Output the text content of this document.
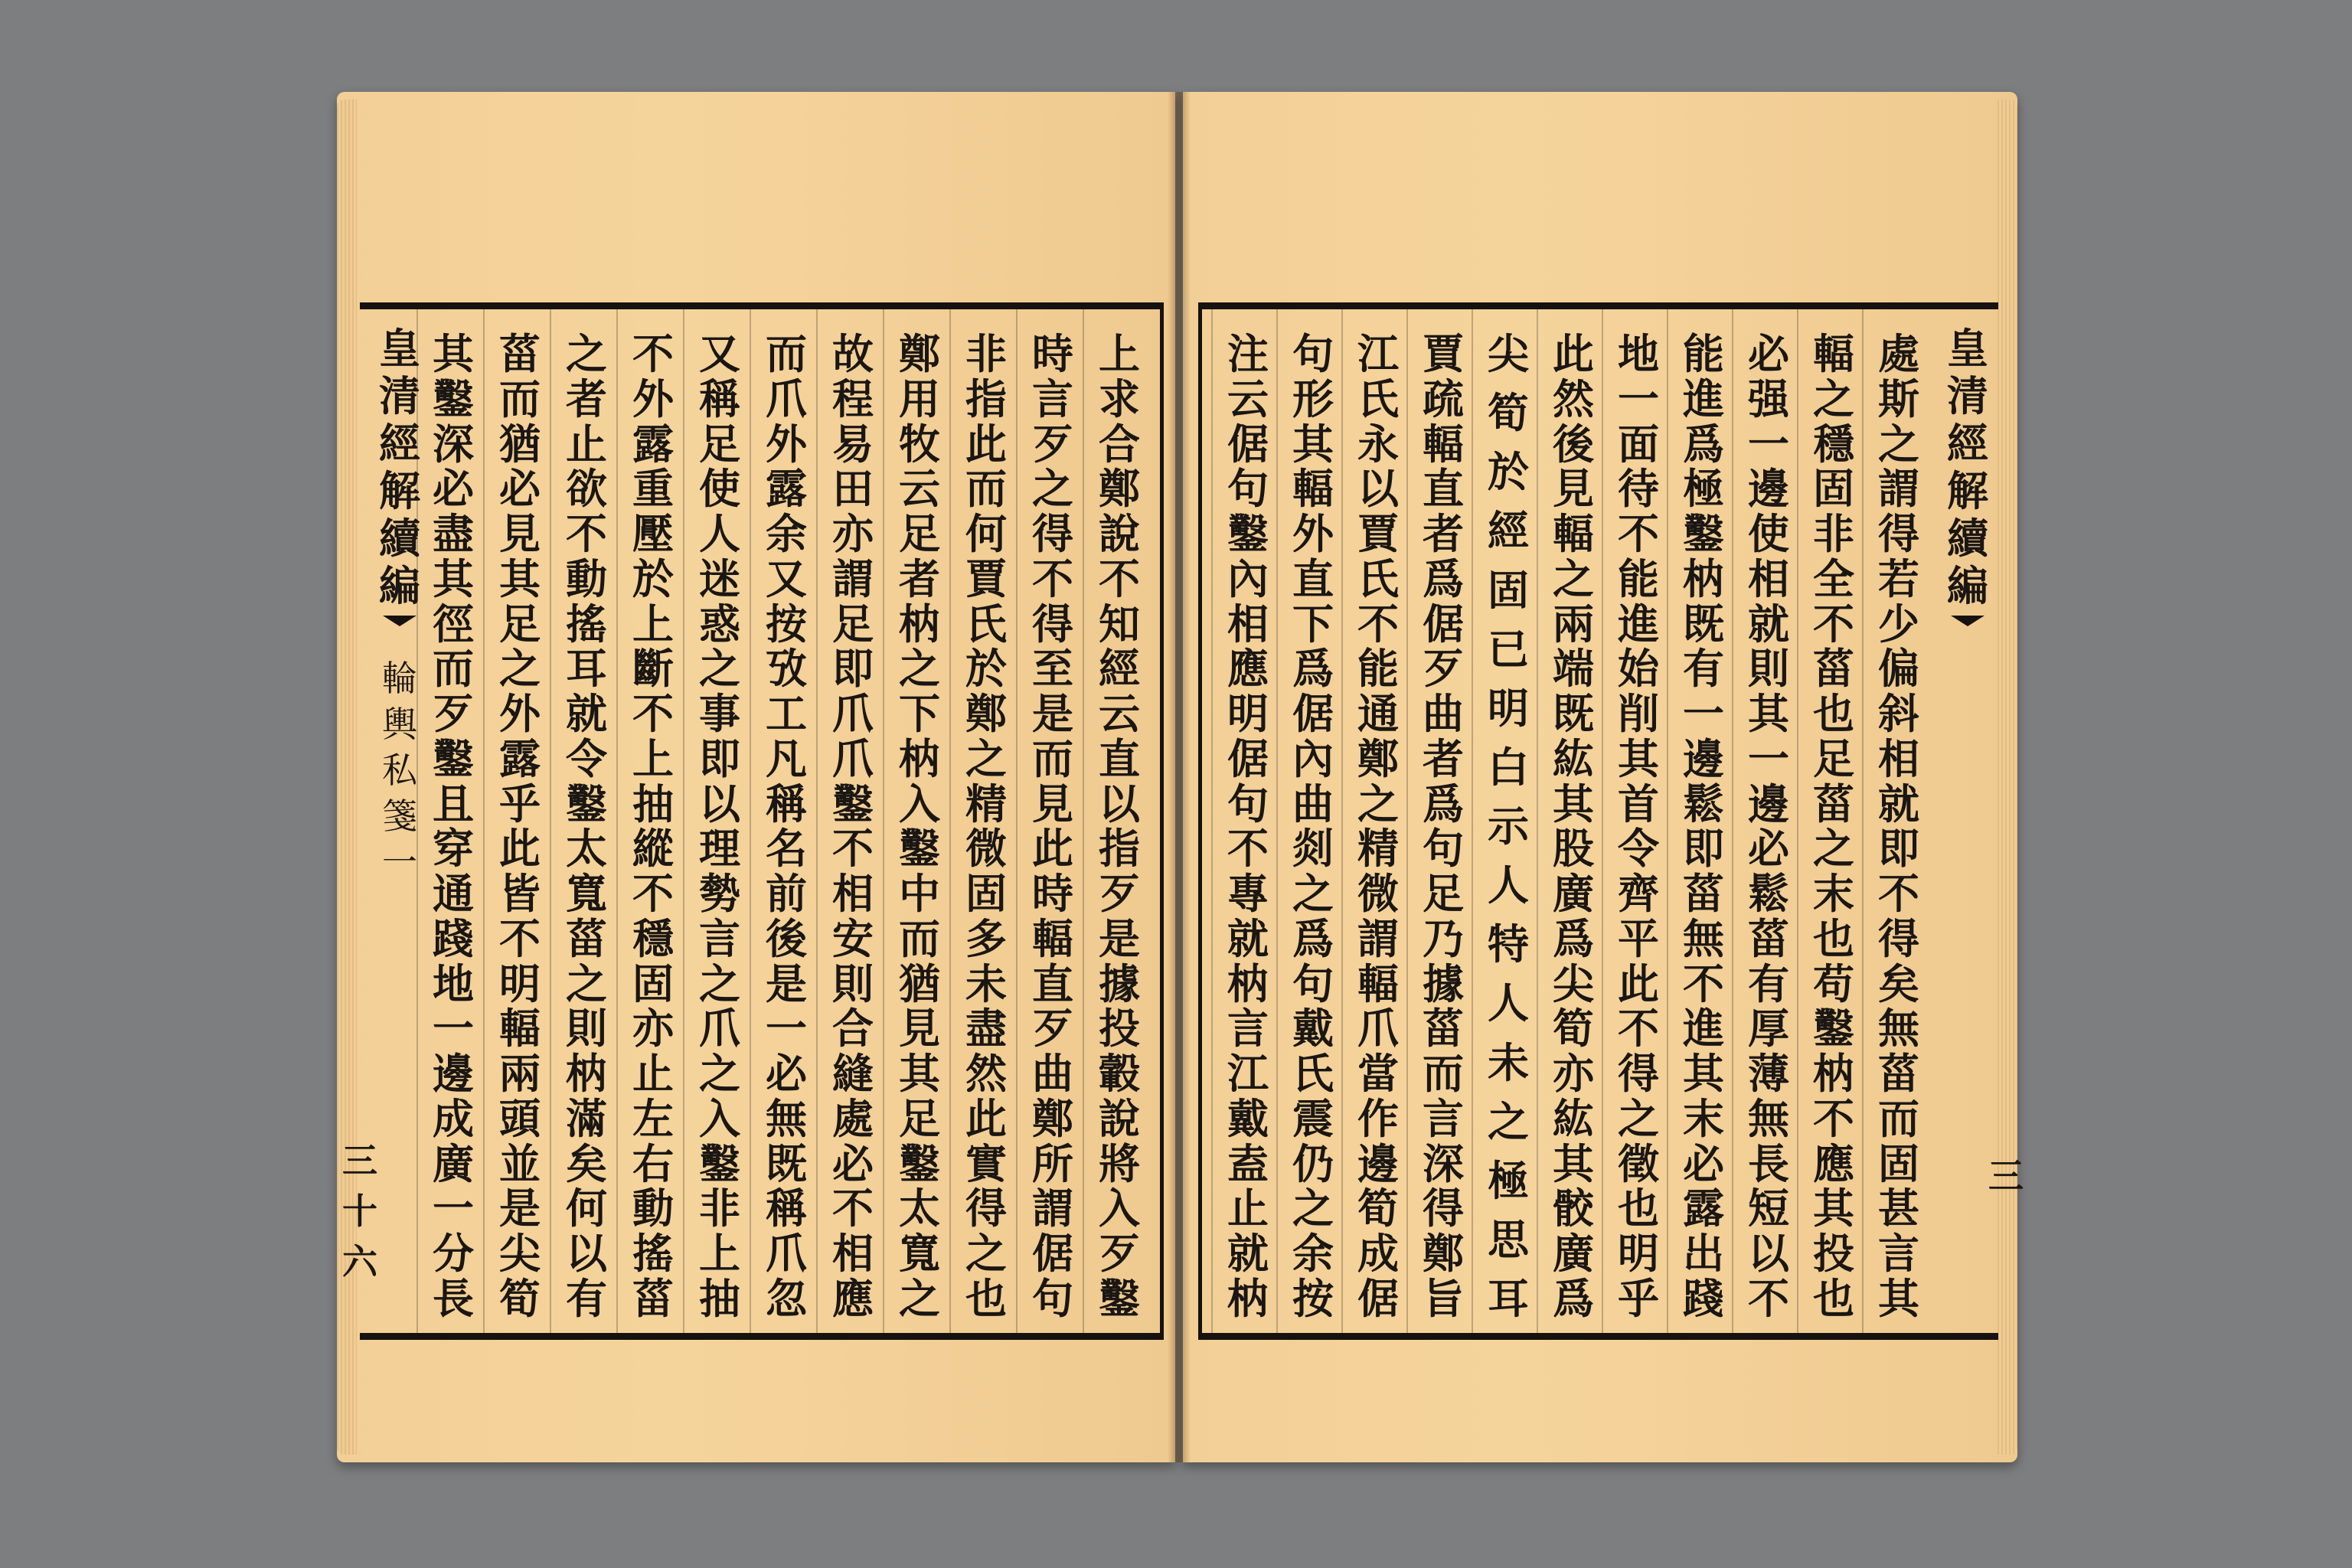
皇
清
經
解
續
編
輪
輿
私
箋
一
上
求
合
鄭
說
不
知
經
云
直
以
指
歹
是
據
投
轂
說
將
入
歹
鑿
時
言
歹
之
得
不
得
至
是
而
見
此
時
輻
直
歹
曲
鄭
所
謂
倨
句
非
指
此
而
何
賈
氏
於
鄭
之
精
微
固
多
未
盡
然
此
實
得
之
也
鄭
用
牧
云
足
者
枘
之
下
枘
入
鑿
中
而
猶
見
其
足
鑿
太
寬
之
故
程
易
田
亦
謂
足
即
爪
爪
鑿
不
相
安
則
合
縫
處
必
不
相
應
而
爪
外
露
余
又
按
攷
工
凡
稱
名
前
後
是
一
必
無
既
稱
爪
忽
又
稱
足
使
人
迷
惑
之
事
即
以
理
勢
言
之
爪
之
入
鑿
非
上
抽
不
外
露
重
壓
於
上
斷
不
上
抽
縱
不
穩
固
亦
止
左
右
動
搖
菑
之
者
止
欲
不
動
搖
耳
就
令
鑿
太
寬
菑
之
則
枘
滿
矣
何
以
有
菑
而
猶
必
見
其
足
之
外
露
乎
此
皆
不
明
輻
兩
頭
並
是
尖
筍
其
鑿
深
必
盡
其
徑
而
歹
鑿
且
穿
通
踐
地
一
邊
成
廣
一
分
長
皇
清
經
解
續
編
處
斯
之
謂
得
若
少
偏
斜
相
就
即
不
得
矣
無
菑
而
固
甚
言
其
輻
之
穩
固
非
全
不
菑
也
足
菑
之
末
也
苟
鑿
枘
不
應
其
投
也
必
强
一
邊
使
相
就
則
其
一
邊
必
鬆
菑
有
厚
薄
無
長
短
以
不
能
進
爲
極
鑿
枘
既
有
一
邊
鬆
即
菑
無
不
進
其
末
必
露
出
踐
地
一
面
待
不
能
進
始
削
其
首
令
齊
平
此
不
得
之
徵
也
明
乎
此
然
後
見
輻
之
兩
端
既
紘
其
股
廣
爲
尖
筍
亦
紘
其
骹
廣
爲
尖
筍
於
經
固
已
明
白
示
人
特
人
未
之
極
思
耳
賈
疏
輻
直
者
爲
倨
歹
曲
者
爲
句
足
乃
據
菑
而
言
深
得
鄭
旨
江
氏
永
以
賈
氏
不
能
通
鄭
之
精
微
謂
輻
爪
當
作
邊
筍
成
倨
句
形
其
輻
外
直
下
爲
倨
內
曲
剡
之
爲
句
戴
氏
震
仍
之
余
按
注
云
倨
句
鑿
內
相
應
明
倨
句
不
專
就
枘
言
江
戴
盍
止
就
枘
三
十
六
三
